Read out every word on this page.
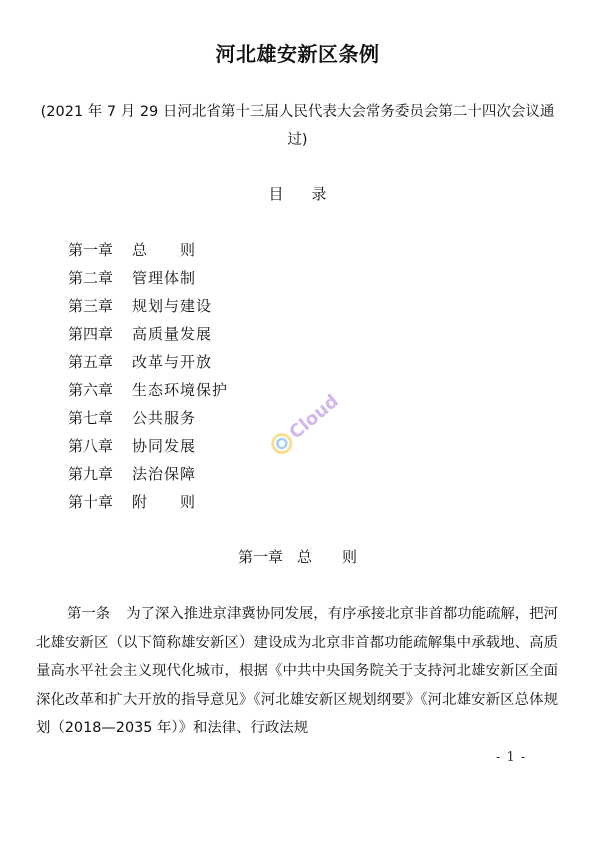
河北雄安新区条例
(2021 年 7 月 29 日河北省第十三届人民代表大会常务委员会第二十四次会议通过)
目 录
第一章 总　　则
第二章 管理体制
第三章 规划与建设
第四章 高质量发展
第五章 改革与开放
第六章 生态环境保护
第七章 公共服务
第八章 协同发展
第九章 法治保障
第十章 附　　则
第一章 总　　则

第一条 为了深入推进京津冀协同发展，有序承接北京非首都功能疏解，把河北雄安新区（以下简称雄安新区）建设成为北京非首都功能疏解集中承载地、高质量高水平社会主义现代化城市，根据《中共中央国务院关于支持河北雄安新区全面深化改革和扩大开放的指导意见》《河北雄安新区规划纲要》《河北雄安新区总体规划（2018—2035 年）》和法律、行政法规

- 1 -
Cloud
